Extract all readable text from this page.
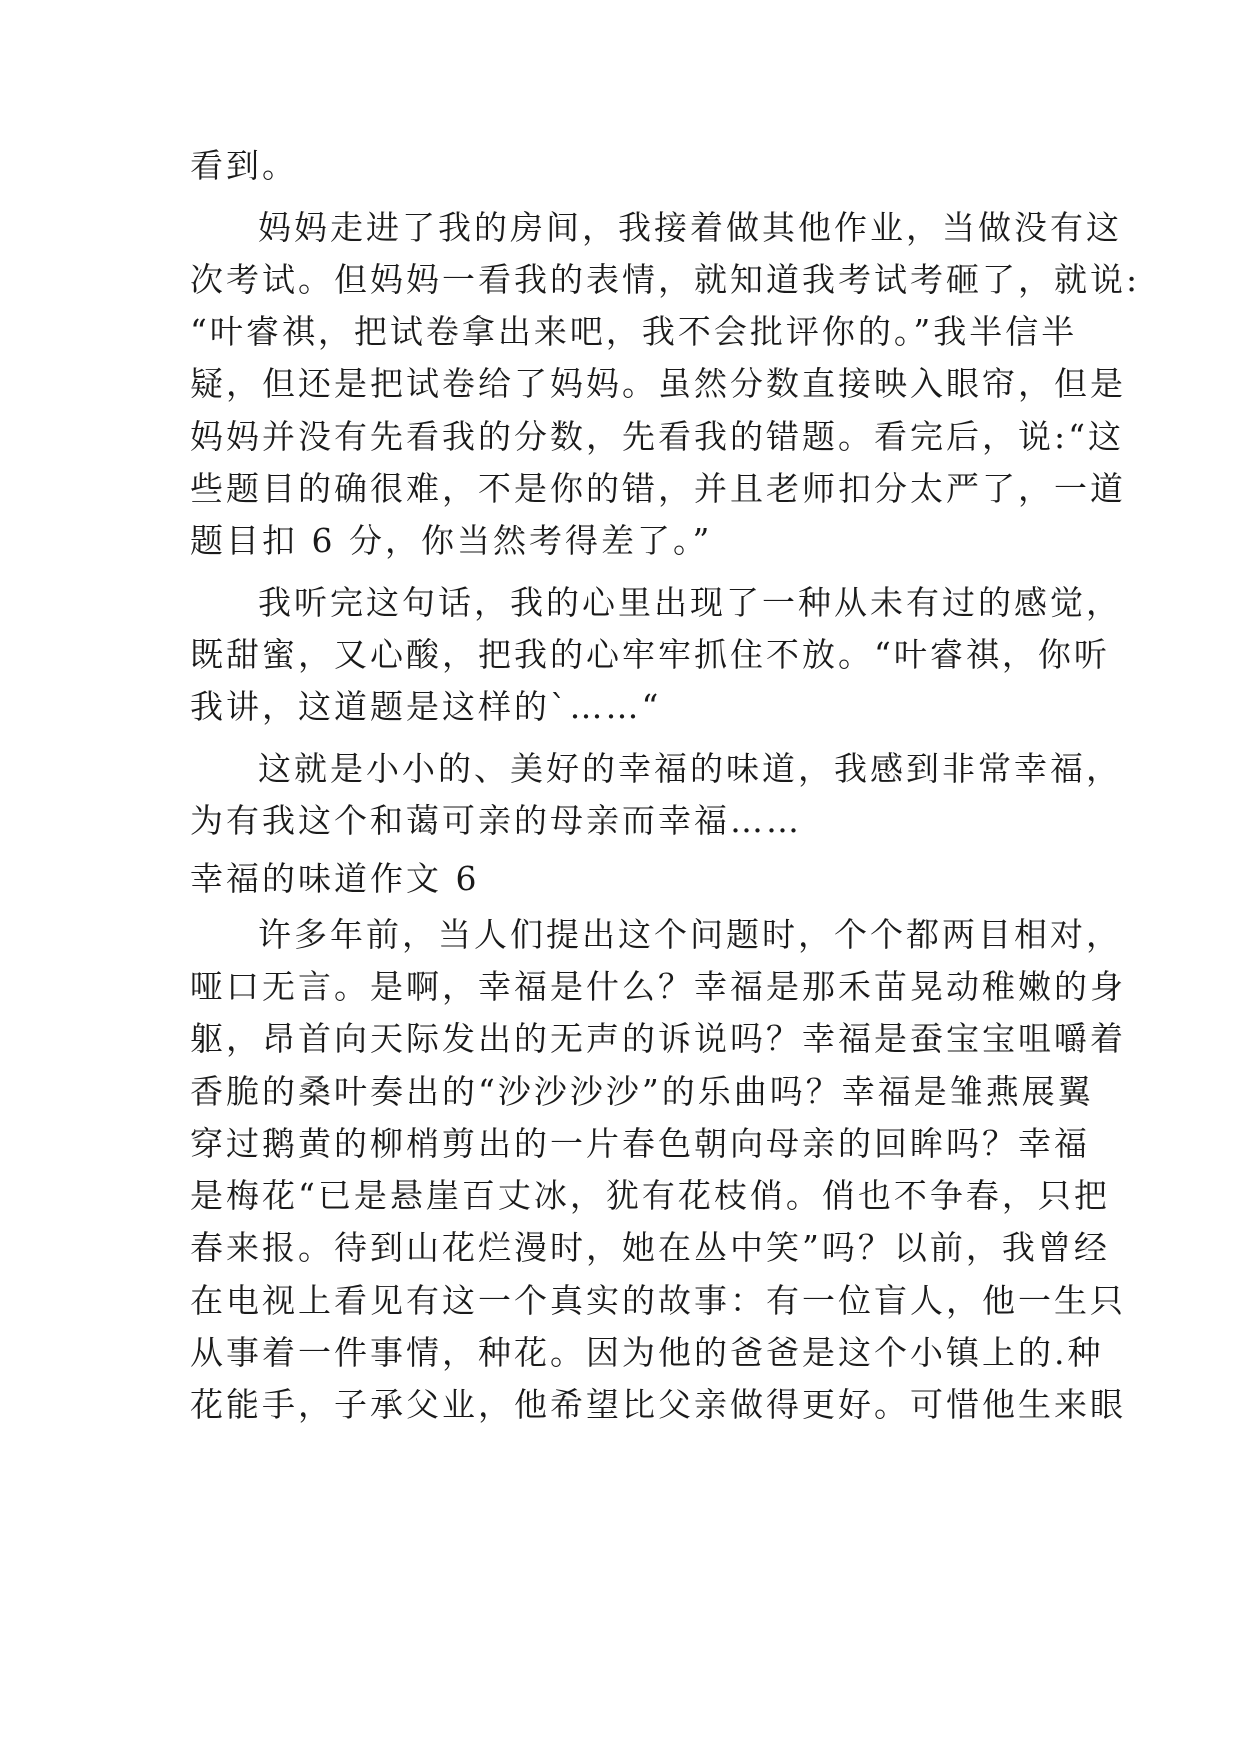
看到。
妈妈走进了我的房间，我接着做其他作业，当做没有这
次考试。但妈妈一看我的表情，就知道我考试考砸了，就说:
“叶睿祺，把试卷拿出来吧，我不会批评你的。”我半信半
疑，但还是把试卷给了妈妈。虽然分数直接映入眼帘，但是
妈妈并没有先看我的分数，先看我的错题。看完后，说:“这
些题目的确很难，不是你的错，并且老师扣分太严了，一道
题目扣 6 分，你当然考得差了。”
我听完这句话，我的心里出现了一种从未有过的感觉，
既甜蜜，又心酸，把我的心牢牢抓住不放。“叶睿祺，你听
我讲，这道题是这样的`……“
这就是小小的、美好的幸福的味道，我感到非常幸福，
为有我这个和蔼可亲的母亲而幸福……
幸福的味道作文 6
许多年前，当人们提出这个问题时，个个都两目相对，
哑口无言。是啊，幸福是什么？幸福是那禾苗晃动稚嫩的身
躯，昂首向天际发出的无声的诉说吗？幸福是蚕宝宝咀嚼着
香脆的桑叶奏出的“沙沙沙沙”的乐曲吗？幸福是雏燕展翼
穿过鹅黄的柳梢剪出的一片春色朝向母亲的回眸吗？幸福
是梅花“已是悬崖百丈冰，犹有花枝俏。俏也不争春，只把
春来报。待到山花烂漫时，她在丛中笑”吗？以前，我曾经
在电视上看见有这一个真实的故事：有一位盲人，他一生只
从事着一件事情，种花。因为他的爸爸是这个小镇上的.种
花能手，子承父业，他希望比父亲做得更好。可惜他生来眼
